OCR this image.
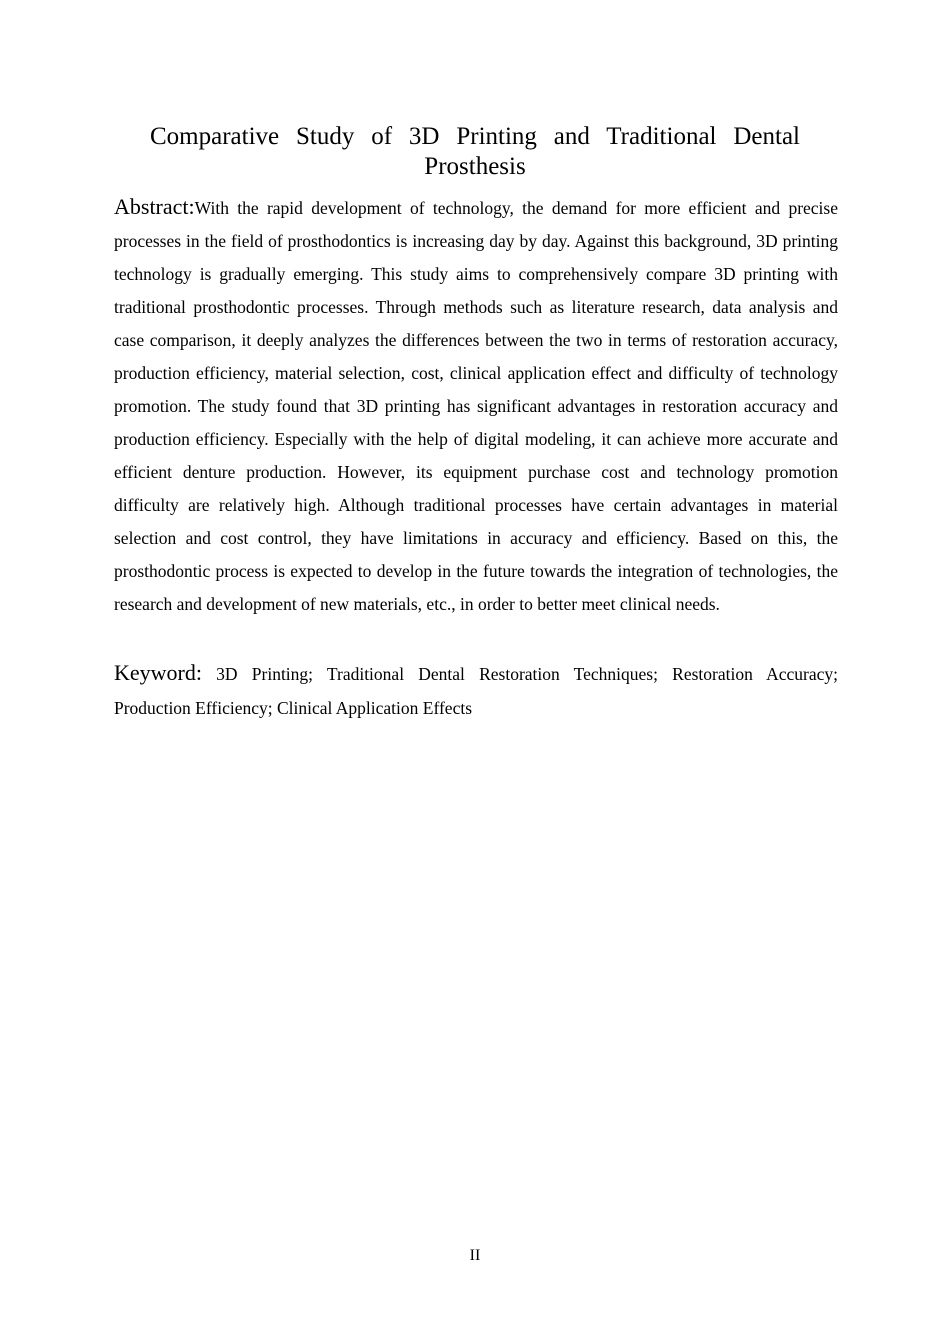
Comparative Study of 3D Printing and Traditional Dental Prosthesis

Abstract:With the rapid development of technology, the demand for more efficient and precise processes in the field of prosthodontics is increasing day by day. Against this background, 3D printing technology is gradually emerging. This study aims to comprehensively compare 3D printing with traditional prosthodontic processes. Through methods such as literature research, data analysis and case comparison, it deeply analyzes the differences between the two in terms of restoration accuracy, production efficiency, material selection, cost, clinical application effect and difficulty of technology promotion. The study found that 3D printing has significant advantages in restoration accuracy and production efficiency. Especially with the help of digital modeling, it can achieve more accurate and efficient denture production. However, its equipment purchase cost and technology promotion difficulty are relatively high. Although traditional processes have certain advantages in material selection and cost control, they have limitations in accuracy and efficiency. Based on this, the prosthodontic process is expected to develop in the future towards the integration of technologies, the research and development of new materials, etc., in order to better meet clinical needs.

Keyword: 3D Printing; Traditional Dental Restoration Techniques; Restoration Accuracy; Production Efficiency; Clinical Application Effects

II
